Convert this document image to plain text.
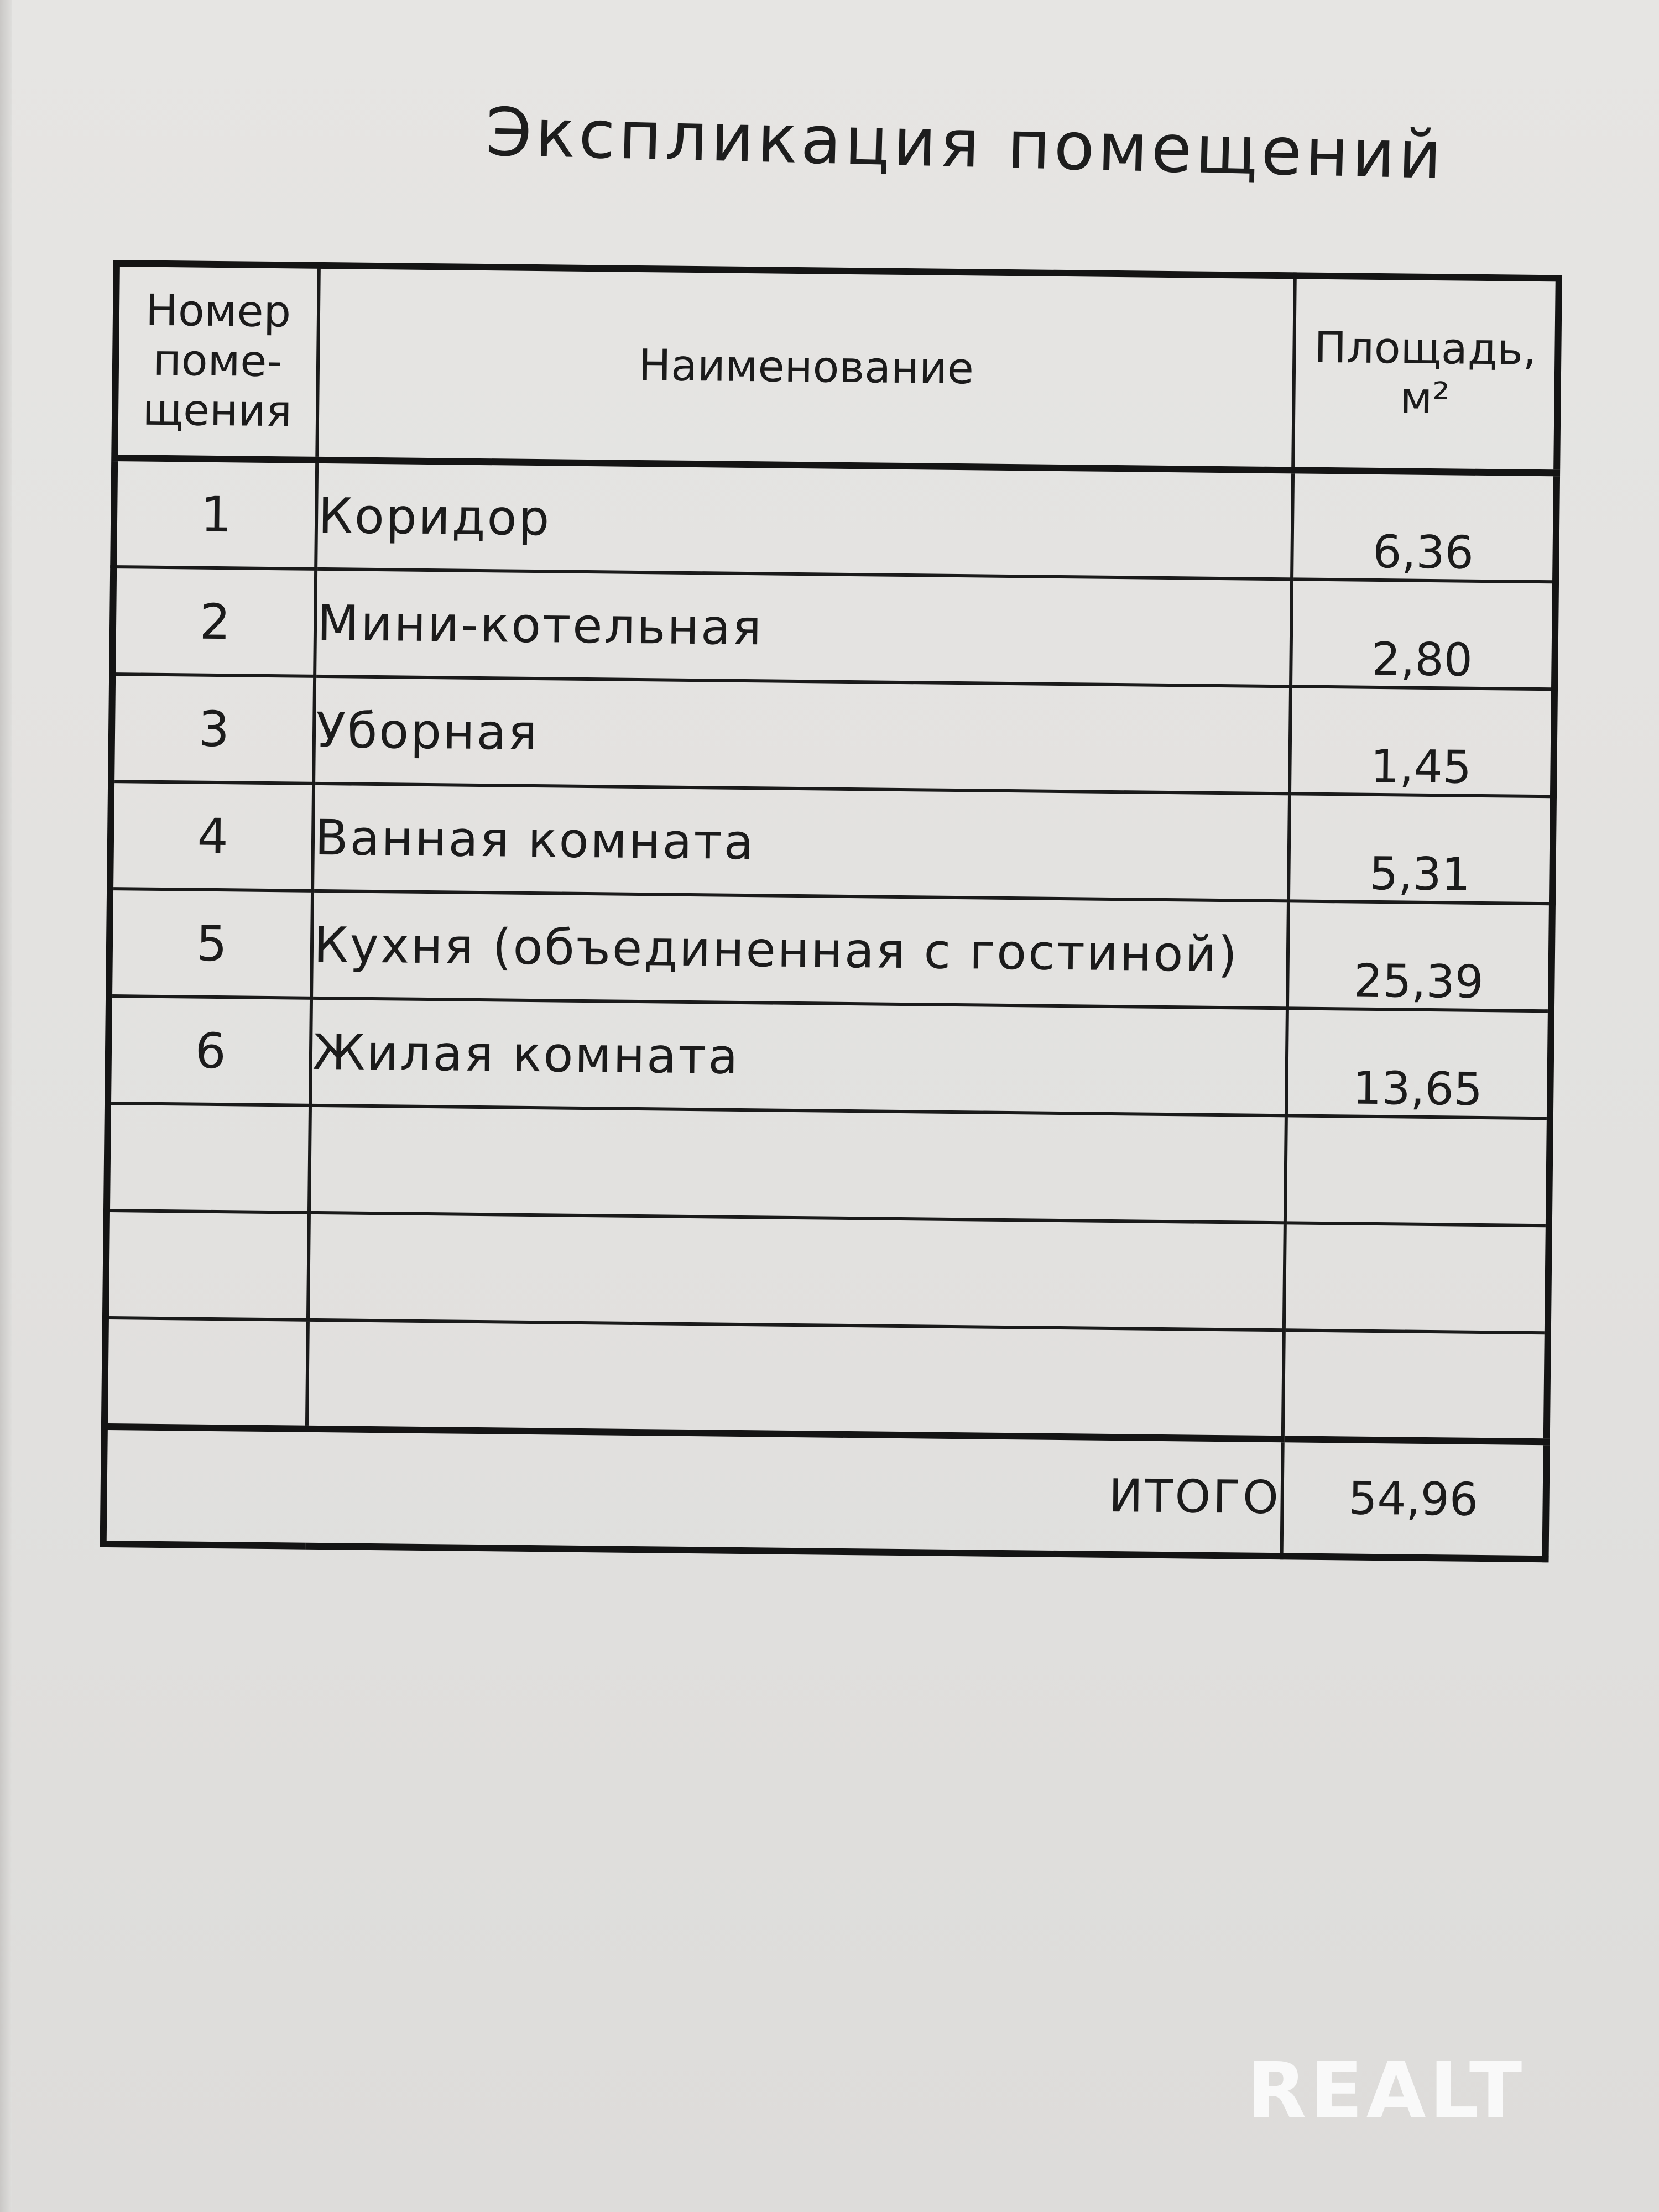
Экспликация помещений
Номер поме-щения	Наименование	Площадь, м²
1	Коридор	6,36
2	Мини-котельная	2,80
3	Уборная	1,45
4	Ванная комната	5,31
5	Кухня (объединенная с гостиной)	25,39
6	Жилая комната	13,65

ИТОГО		54,96
REALT
